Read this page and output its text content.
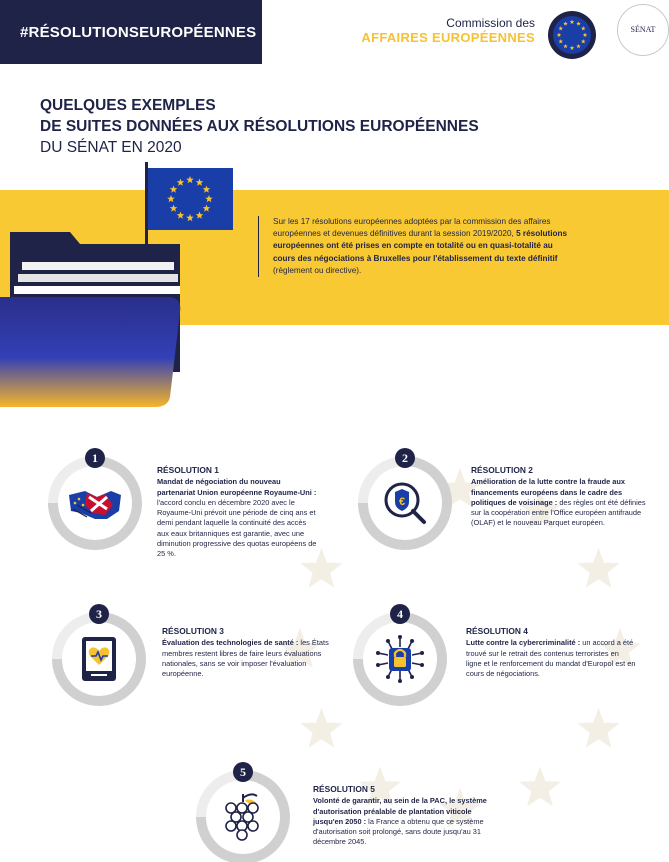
#RÉSOLUTIONSEUROPÉENNES
Commission des
AFFAIRES EUROPÉENNES
SÉNAT
QUELQUES EXEMPLES
DE SUITES DONNÉES AUX RÉSOLUTIONS EUROPÉENNES
DU SÉNAT EN 2020
Sur les 17 résolutions européennes adoptées par la commission des affaires européennes et devenues définitives durant la session 2019/2020, 5 résolutions européennes ont été prises en compte en totalité ou en quasi-totalité au cours des négociations à Bruxelles pour l'établissement du texte définitif (règlement ou directive).
1
RÉSOLUTION 1
Mandat de négociation du nouveau partenariat Union européenne Royaume-Uni : l'accord conclu en décembre 2020 avec le Royaume-Uni prévoit une période de cinq ans et demi pendant laquelle la continuité des accès aux eaux britanniques est garantie, avec une diminution progressive des quotas européens de 25 %.
€
2
RÉSOLUTION 2
Amélioration de la lutte contre la fraude aux financements européens dans le cadre des politiques de voisinage : des règles ont été définies sur la coopération entre l'Office européen antifraude (OLAF) et le nouveau Parquet européen.
3
RÉSOLUTION 3
Évaluation des technologies de santé : les États membres restent libres de faire leurs évaluations nationales, sans se voir imposer l'évaluation européenne.
4
RÉSOLUTION 4
Lutte contre la cybercriminalité : un accord a été trouvé sur le retrait des contenus terroristes en ligne et le renforcement du mandat d'Europol est en cours de négociations.
5
RÉSOLUTION 5
Volonté de garantir, au sein de la PAC, le système d'autorisation préalable de plantation viticole jusqu'en 2050 : la France a obtenu que ce système d'autorisation soit prolongé, sans doute jusqu'au 31 décembre 2045.
